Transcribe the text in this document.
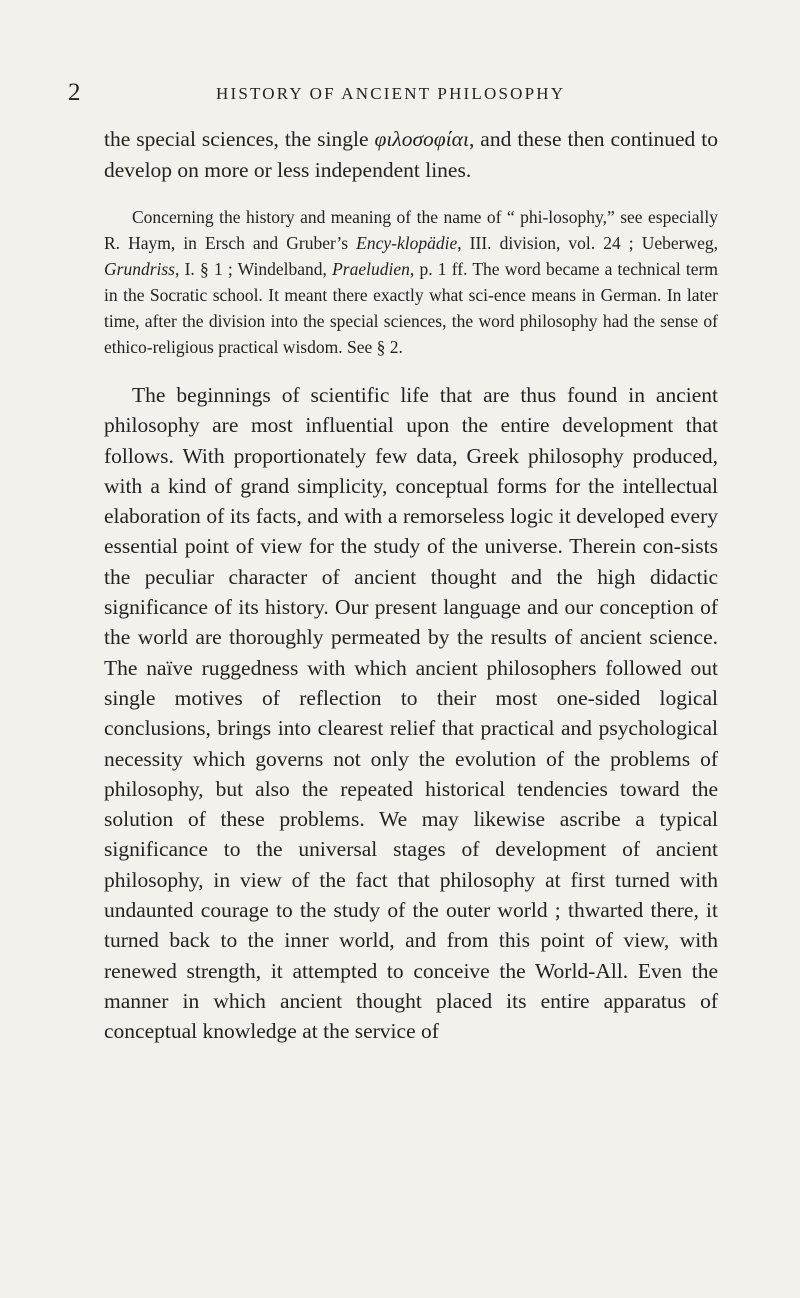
2	HISTORY OF ANCIENT PHILOSOPHY

the special sciences, the single φιλοσοφίαι, and these then continued to develop on more or less independent lines.

Concerning the history and meaning of the name of “ phi-losophy,” see especially R. Haym, in Ersch and Gruber’s Ency-klopädie, III. division, vol. 24 ; Ueberweg, Grundriss, I. § 1 ; Windelband, Praeludien, p. 1 ff. The word became a technical term in the Socratic school. It meant there exactly what sci-ence means in German. In later time, after the division into the special sciences, the word philosophy had the sense of ethico-religious practical wisdom. See § 2.

The beginnings of scientific life that are thus found in ancient philosophy are most influential upon the entire development that follows. With proportionately few data, Greek philosophy produced, with a kind of grand simplicity, conceptual forms for the intellectual elaboration of its facts, and with a remorseless logic it developed every essential point of view for the study of the universe. Therein con-sists the peculiar character of ancient thought and the high didactic significance of its history. Our present language and our conception of the world are thoroughly permeated by the results of ancient science. The naïve ruggedness with which ancient philosophers followed out single motives of reflection to their most one-sided logical conclusions, brings into clearest relief that practical and psychological necessity which governs not only the evolution of the problems of philosophy, but also the repeated historical tendencies toward the solution of these problems. We may likewise ascribe a typical significance to the universal stages of development of ancient philosophy, in view of the fact that philosophy at first turned with undaunted courage to the study of the outer world ; thwarted there, it turned back to the inner world, and from this point of view, with renewed strength, it attempted to conceive the World-All. Even the manner in which ancient thought placed its entire apparatus of conceptual knowledge at the service of
